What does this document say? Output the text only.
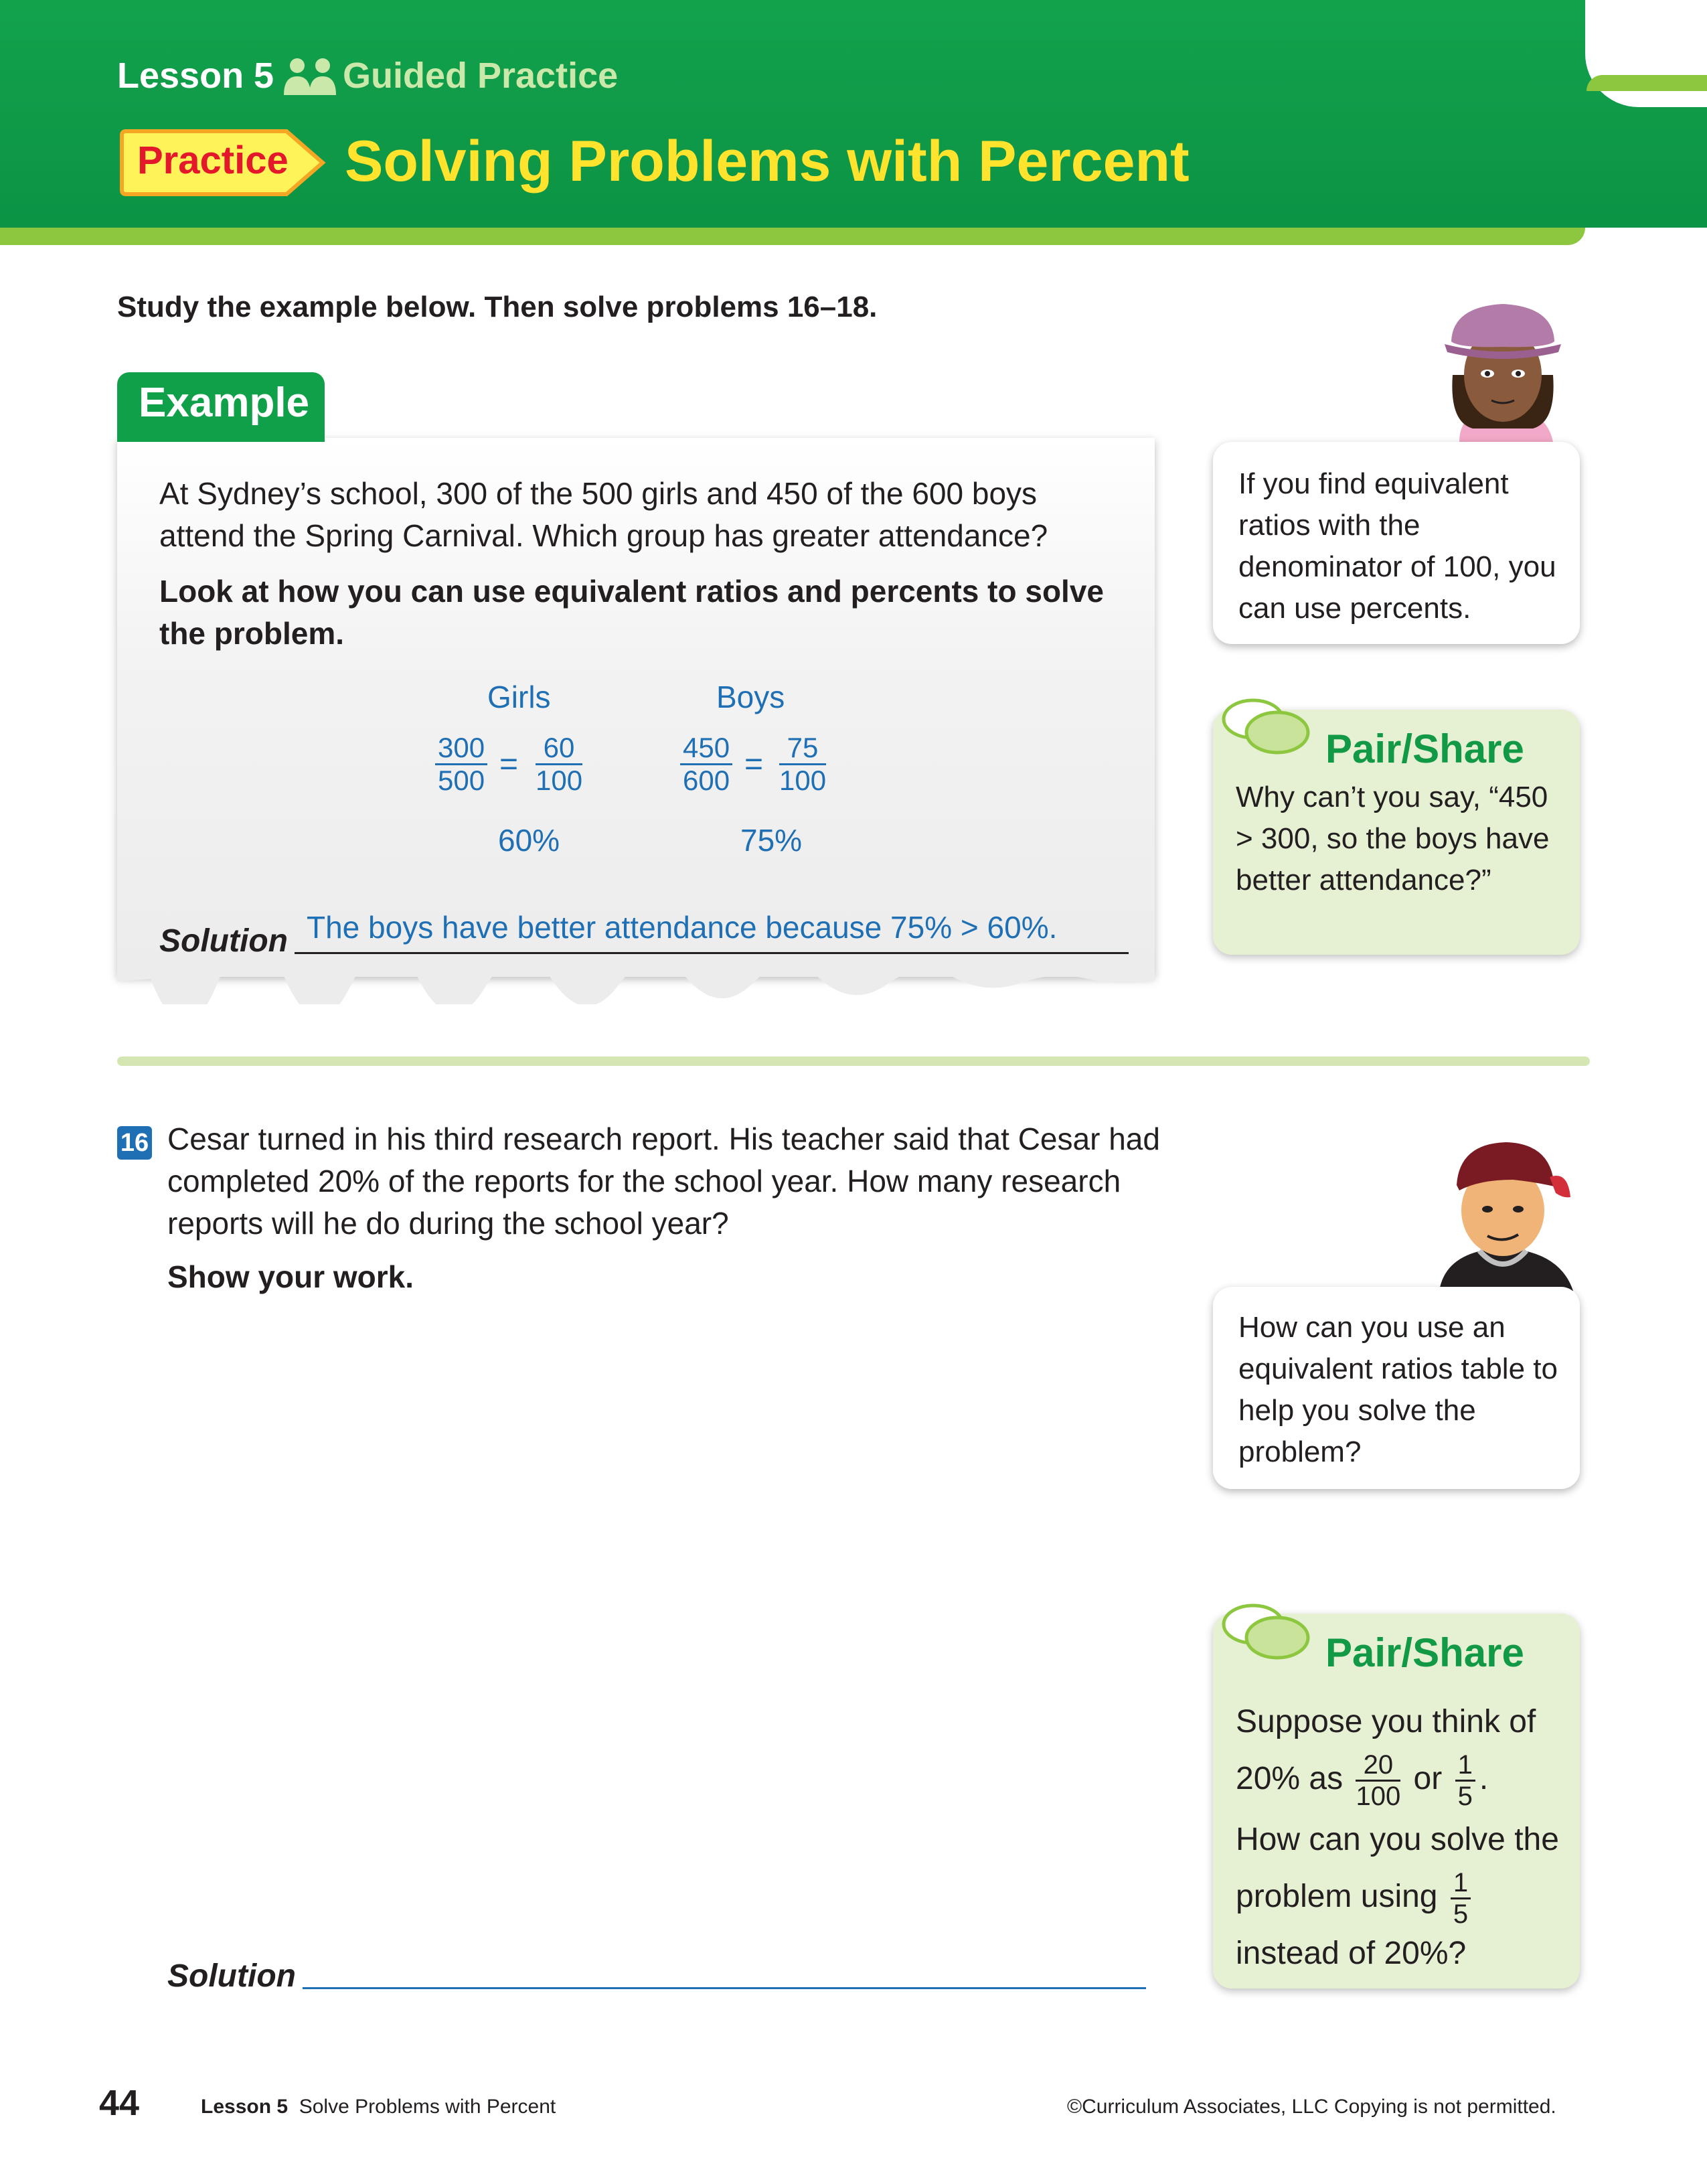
Lesson 5 Guided Practice
Practice Solving Problems with Percent
Study the example below. Then solve problems 16–18.
Example
At Sydney’s school, 300 of the 500 girls and 450 of the 600 boys attend the Spring Carnival. Which group has greater attendance?
Look at how you can use equivalent ratios and percents to solve the problem.
Girls	Boys
$\frac{300}{500} = \frac{60}{100}$	$\frac{450}{600} = \frac{75}{100}$
60%	75%
Solution The boys have better attendance because 75% > 60%.
If you find equivalent ratios with the denominator of 100, you can use percents.
Pair/Share
Why can’t you say, “450 > 300, so the boys have better attendance?”
16 Cesar turned in his third research report. His teacher said that Cesar had completed 20% of the reports for the school year. How many research reports will he do during the school year?
Show your work.
How can you use an equivalent ratios table to help you solve the problem?
Pair/Share
Suppose you think of
20% as $\frac{20}{100}$ or $\frac{1}{5}$ .
How can you solve the
problem using $\frac{1}{5}$
instead of 20%?
Solution
44	Lesson 5 Solve Problems with Percent	©Curriculum Associates, LLC Copying is not permitted.
